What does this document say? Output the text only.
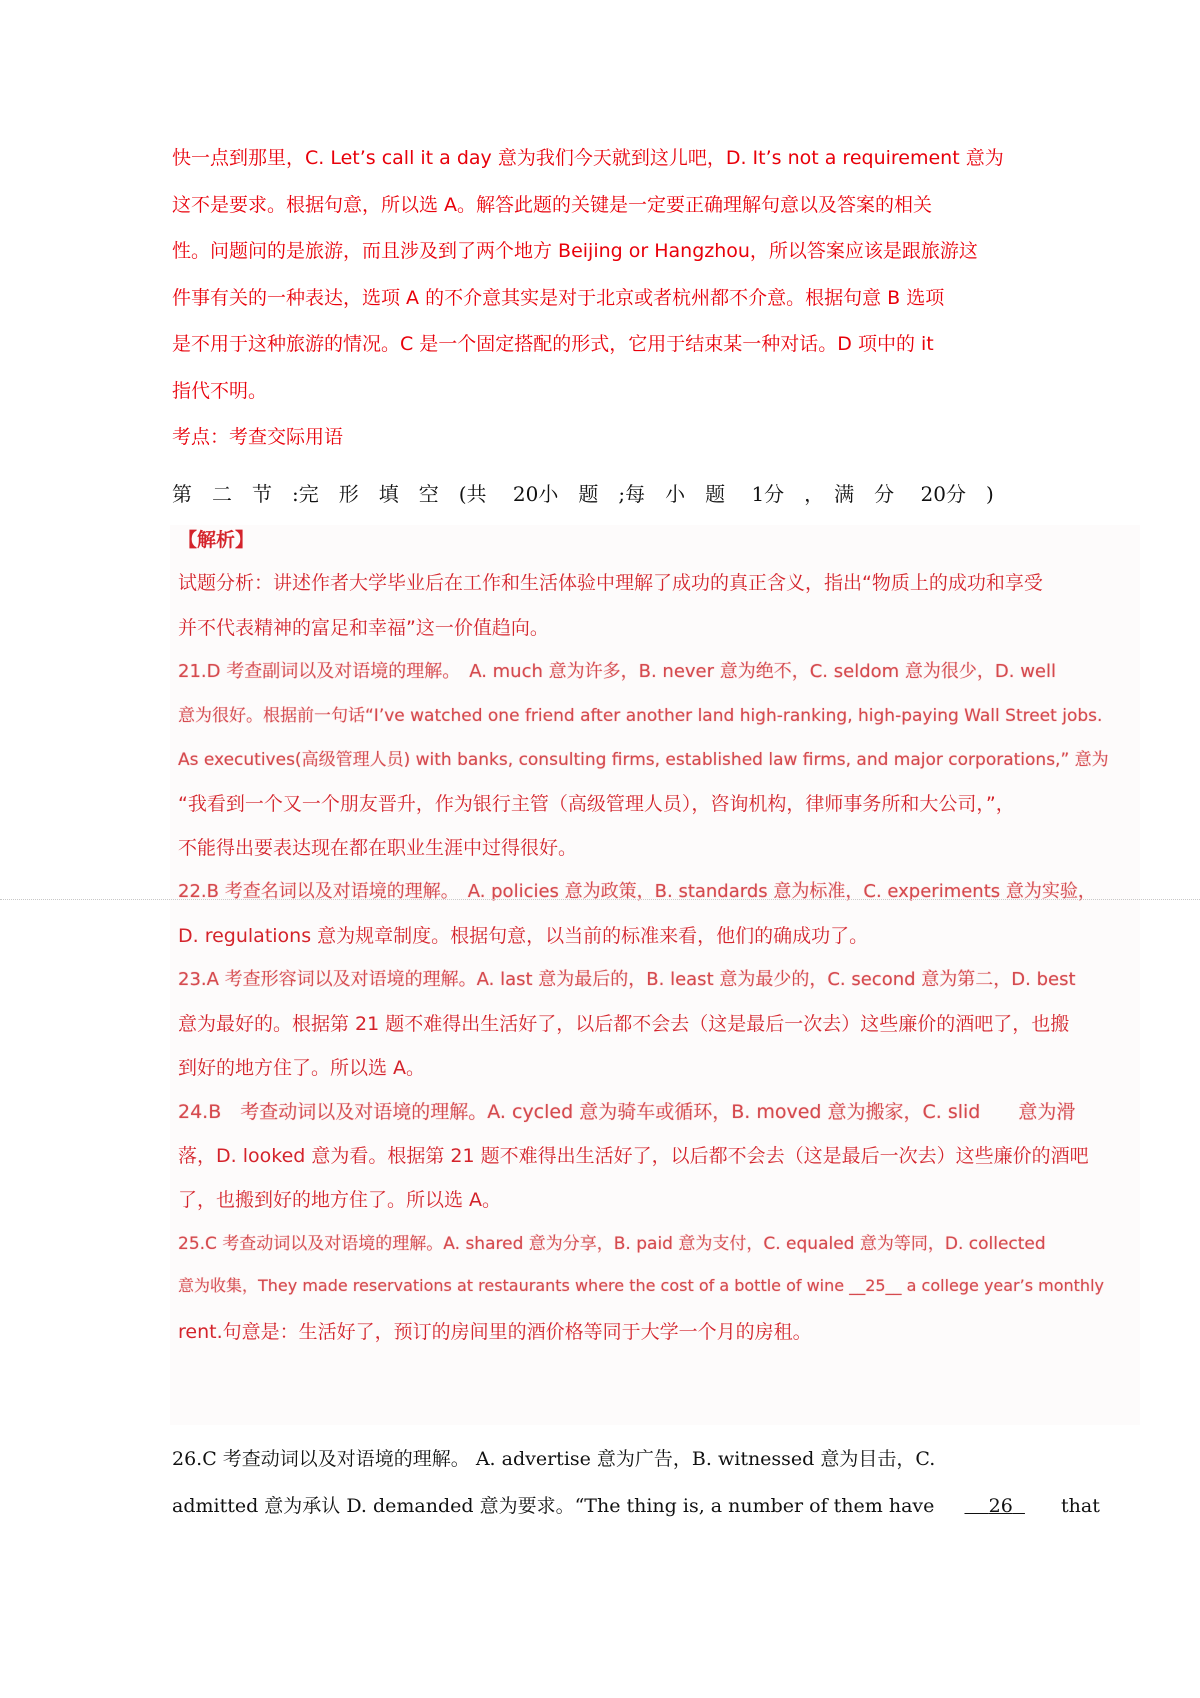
快一点到那里，C. Let’s call it a day 意为我们今天就到这儿吧，D. It’s not a requirement 意为
这不是要求。根据句意，所以选 A。解答此题的关键是一定要正确理解句意以及答案的相关
性。问题问的是旅游，而且涉及到了两个地方 Beijing or Hangzhou，所以答案应该是跟旅游这
件事有关的一种表达，选项 A 的不介意其实是对于北京或者杭州都不介意。根据句意 B 选项
是不用于这种旅游的情况。C 是一个固定搭配的形式，它用于结束某一种对话。D 项中的 it
指代不明。
考点：考查交际用语
第　二　节　:完　形　填　空　(共　 20小　题　;每　小　题　 1分　，　满　分　 20分　)
【解析】
试题分析：讲述作者大学毕业后在工作和生活体验中理解了成功的真正含义，指出“物质上的成功和享受
并不代表精神的富足和幸福”这一价值趋向。
21.D 考查副词以及对语境的理解。　A. much 意为许多，B. never 意为绝不，C. seldom 意为很少，D. well
意为很好。根据前一句话“I’ve watched one friend after another land high-ranking, high-paying Wall Street jobs.
As executives(高级管理人员) with banks, consulting firms, established law firms, and major corporations,” 意为
“我看到一个又一个朋友晋升，作为银行主管（高级管理人员），咨询机构，律师事务所和大公司，”，
不能得出要表达现在都在职业生涯中过得很好。
22.B 考查名词以及对语境的理解。　A. policies 意为政策，B. standards 意为标准，C. experiments 意为实验，
D. regulations 意为规章制度。根据句意，以当前的标准来看，他们的确成功了。
23.A 考查形容词以及对语境的理解。A. last 意为最后的，B. least 意为最少的，C. second 意为第二，D. best
意为最好的。根据第 21 题不难得出生活好了，以后都不会去（这是最后一次去）这些廉价的酒吧了，也搬
到好的地方住了。所以选 A。
24.B　考查动词以及对语境的理解。A. cycled 意为骑车或循环，B. moved 意为搬家，C. slid　　意为滑
落，D. looked 意为看。根据第 21 题不难得出生活好了，以后都不会去（这是最后一次去）这些廉价的酒吧
了，也搬到好的地方住了。所以选 A。
25.C 考查动词以及对语境的理解。A. shared 意为分享，B. paid 意为支付，C. equaled 意为等同，D. collected
意为收集，They made reservations at restaurants where the cost of a bottle of wine __25__ a college year’s monthly
rent.句意是：生活好了，预订的房间里的酒价格等同于大学一个月的房租。
26.C 考查动词以及对语境的理解。 A. advertise 意为广告，B. witnessed 意为目击，C.
admitted 意为承认 D. demanded 意为要求。“The thing is, a number of them have	26	that
